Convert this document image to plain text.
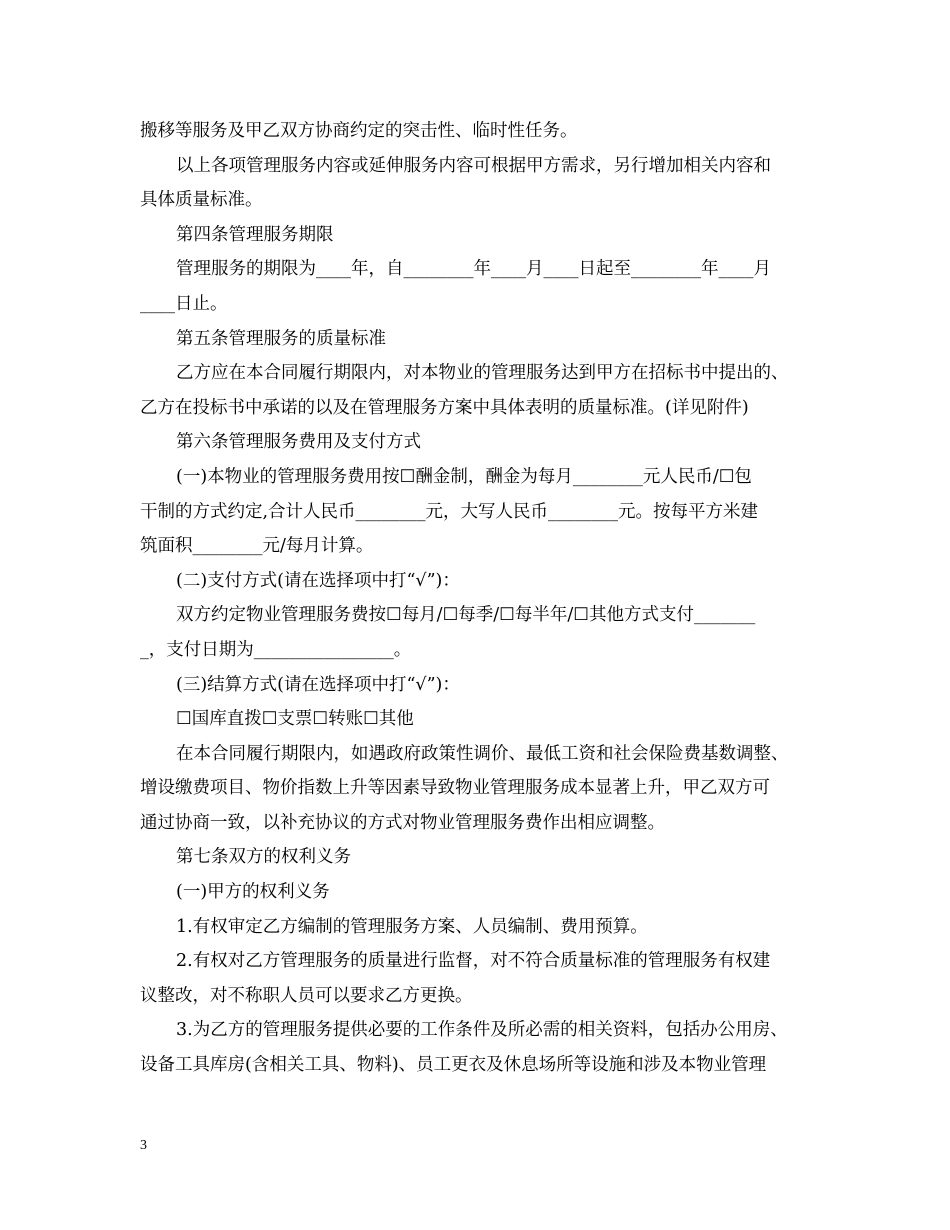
搬移等服务及甲乙双方协商约定的突击性、临时性任务。
以上各项管理服务内容或延伸服务内容可根据甲方需求，另行增加相关内容和
具体质量标准。
第四条管理服务期限
管理服务的期限为____年，自________年____月____日起至________年____月
____日止。
第五条管理服务的质量标准
乙方应在本合同履行期限内，对本物业的管理服务达到甲方在招标书中提出的、
乙方在投标书中承诺的以及在管理服务方案中具体表明的质量标准。(详见附件)
第六条管理服务费用及支付方式
(一)本物业的管理服务费用按☐酬金制，酬金为每月________元人民币/☐包
干制的方式约定,合计人民币________元，大写人民币________元。按每平方米建
筑面积________元/每月计算。
(二)支付方式(请在选择项中打“√”)：
双方约定物业管理服务费按☐每月/☐每季/☐每半年/☐其他方式支付_______
_，支付日期为________________。
(三)结算方式(请在选择项中打“√”)：
☐国库直拨☐支票☐转账☐其他
在本合同履行期限内，如遇政府政策性调价、最低工资和社会保险费基数调整、
增设缴费项目、物价指数上升等因素导致物业管理服务成本显著上升，甲乙双方可
通过协商一致，以补充协议的方式对物业管理服务费作出相应调整。
第七条双方的权利义务
(一)甲方的权利义务
1.有权审定乙方编制的管理服务方案、人员编制、费用预算。
2.有权对乙方管理服务的质量进行监督，对不符合质量标准的管理服务有权建
议整改，对不称职人员可以要求乙方更换。
3.为乙方的管理服务提供必要的工作条件及所必需的相关资料，包括办公用房、
设备工具库房(含相关工具、物料)、员工更衣及休息场所等设施和涉及本物业管理
3
